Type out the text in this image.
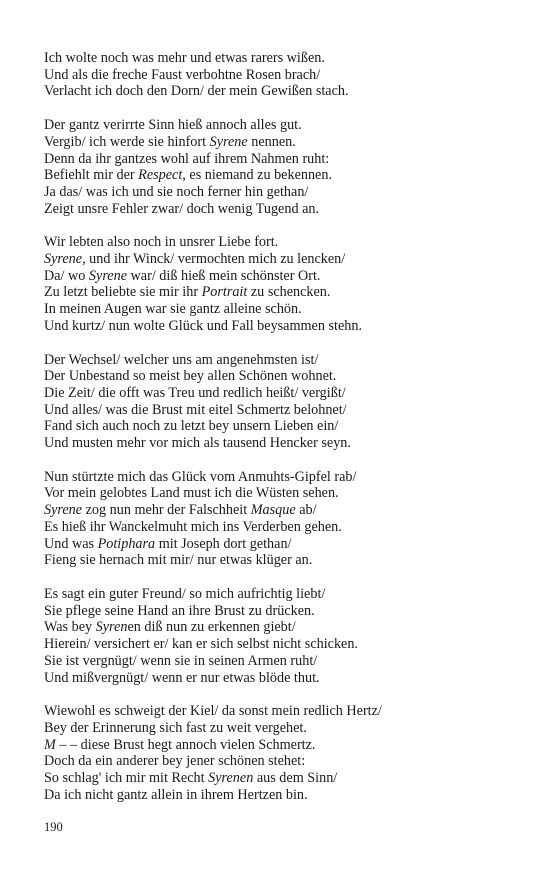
Ich wolte noch was mehr und etwas rarers wißen.
Und als die freche Faust verbohtne Rosen brach/
Verlacht ich doch den Dorn/ der mein Gewißen stach.
Der gantz verirrte Sinn hieß annoch alles gut.
Vergib/ ich werde sie hinfort Syrene nennen.
Denn da ihr gantzes wohl auf ihrem Nahmen ruht:
Befiehlt mir der Respect, es niemand zu bekennen.
Ja das/ was ich und sie noch ferner hin gethan/
Zeigt unsre Fehler zwar/ doch wenig Tugend an.
Wir lebten also noch in unsrer Liebe fort.
Syrene, und ihr Winck/ vermochten mich zu lencken/
Da/ wo Syrene war/ diß hieß mein schönster Ort.
Zu letzt beliebte sie mir ihr Portrait zu schencken.
In meinen Augen war sie gantz alleine schön.
Und kurtz/ nun wolte Glück und Fall beysammen stehn.
Der Wechsel/ welcher uns am angenehmsten ist/
Der Unbestand so meist bey allen Schönen wohnet.
Die Zeit/ die offt was Treu und redlich heißt/ vergißt/
Und alles/ was die Brust mit eitel Schmertz belohnet/
Fand sich auch noch zu letzt bey unsern Lieben ein/
Und musten mehr vor mich als tausend Hencker seyn.
Nun stürtzte mich das Glück vom Anmuhts-Gipfel rab/
Vor mein gelobtes Land must ich die Wüsten sehen.
Syrene zog nun mehr der Falschheit Masque ab/
Es hieß ihr Wanckelmuht mich ins Verderben gehen.
Und was Potiphara mit Joseph dort gethan/
Fieng sie hernach mit mir/ nur etwas klüger an.
Es sagt ein guter Freund/ so mich aufrichtig liebt/
Sie pflege seine Hand an ihre Brust zu drücken.
Was bey Syrenen diß nun zu erkennen giebt/
Hierein/ versichert er/ kan er sich selbst nicht schicken.
Sie ist vergnügt/ wenn sie in seinen Armen ruht/
Und mißvergnügt/ wenn er nur etwas blöde thut.
Wiewohl es schweigt der Kiel/ da sonst mein redlich Hertz/
Bey der Erinnerung sich fast zu weit vergehet.
M – – diese Brust hegt annoch vielen Schmertz.
Doch da ein anderer bey jener schönen stehet:
So schlag' ich mir mit Recht Syrenen aus dem Sinn/
Da ich nicht gantz allein in ihrem Hertzen bin.
190
